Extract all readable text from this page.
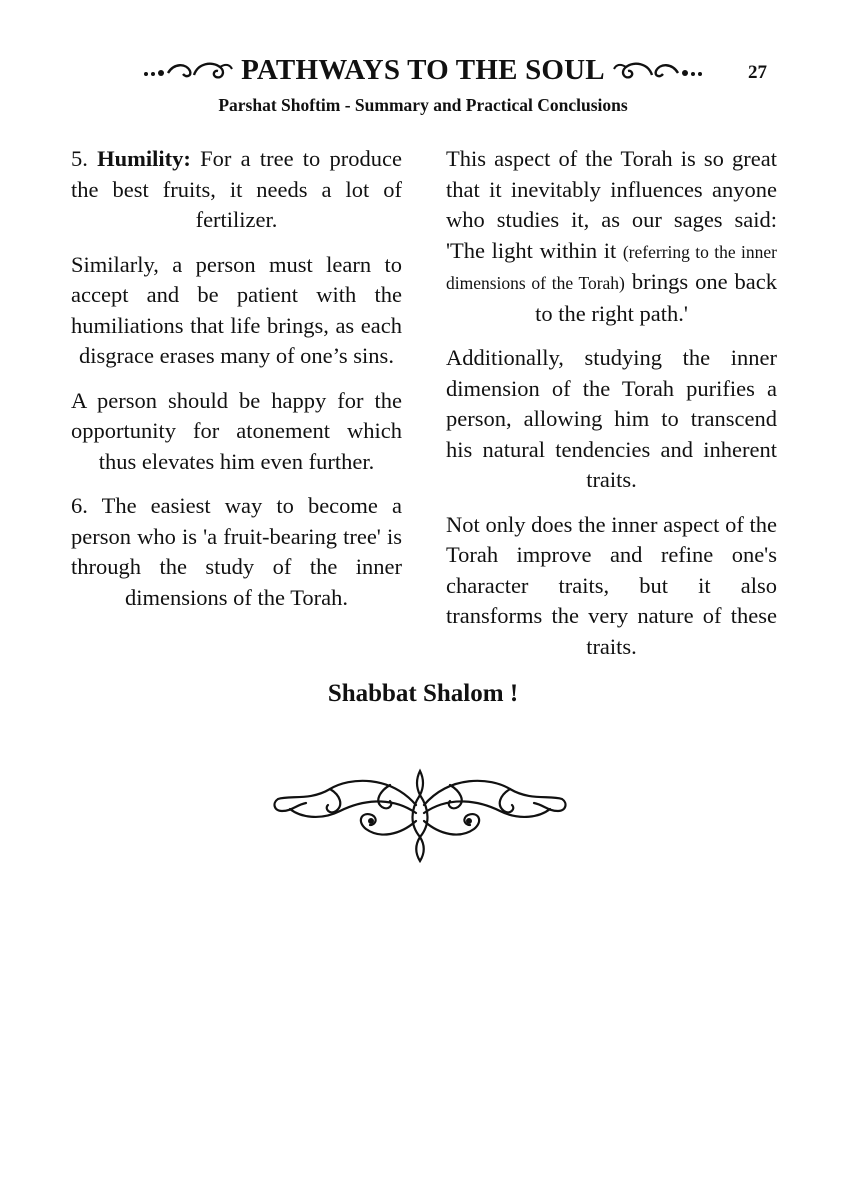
PATHWAYS TO THE SOUL	27
Parshat Shoftim - Summary and Practical Conclusions

5. Humility: For a tree to produce the best fruits, it needs a lot of fertilizer.

Similarly, a person must learn to accept and be patient with the humiliations that life brings, as each disgrace erases many of one’s sins.

A person should be happy for the opportunity for atonement which thus elevates him even further.

6. The easiest way to become a person who is 'a fruit-bearing tree' is through the study of the inner dimensions of the Torah.

This aspect of the Torah is so great that it inevitably influences anyone who studies it, as our sages said: 'The light within it (referring to the inner dimensions of the Torah) brings one back to the right path.'

Additionally, studying the inner dimension of the Torah purifies a person, allowing him to transcend his natural tendencies and inherent traits.

Not only does the inner aspect of the Torah improve and refine one's character traits, but it also transforms the very nature of these traits.

Shabbat Shalom !
